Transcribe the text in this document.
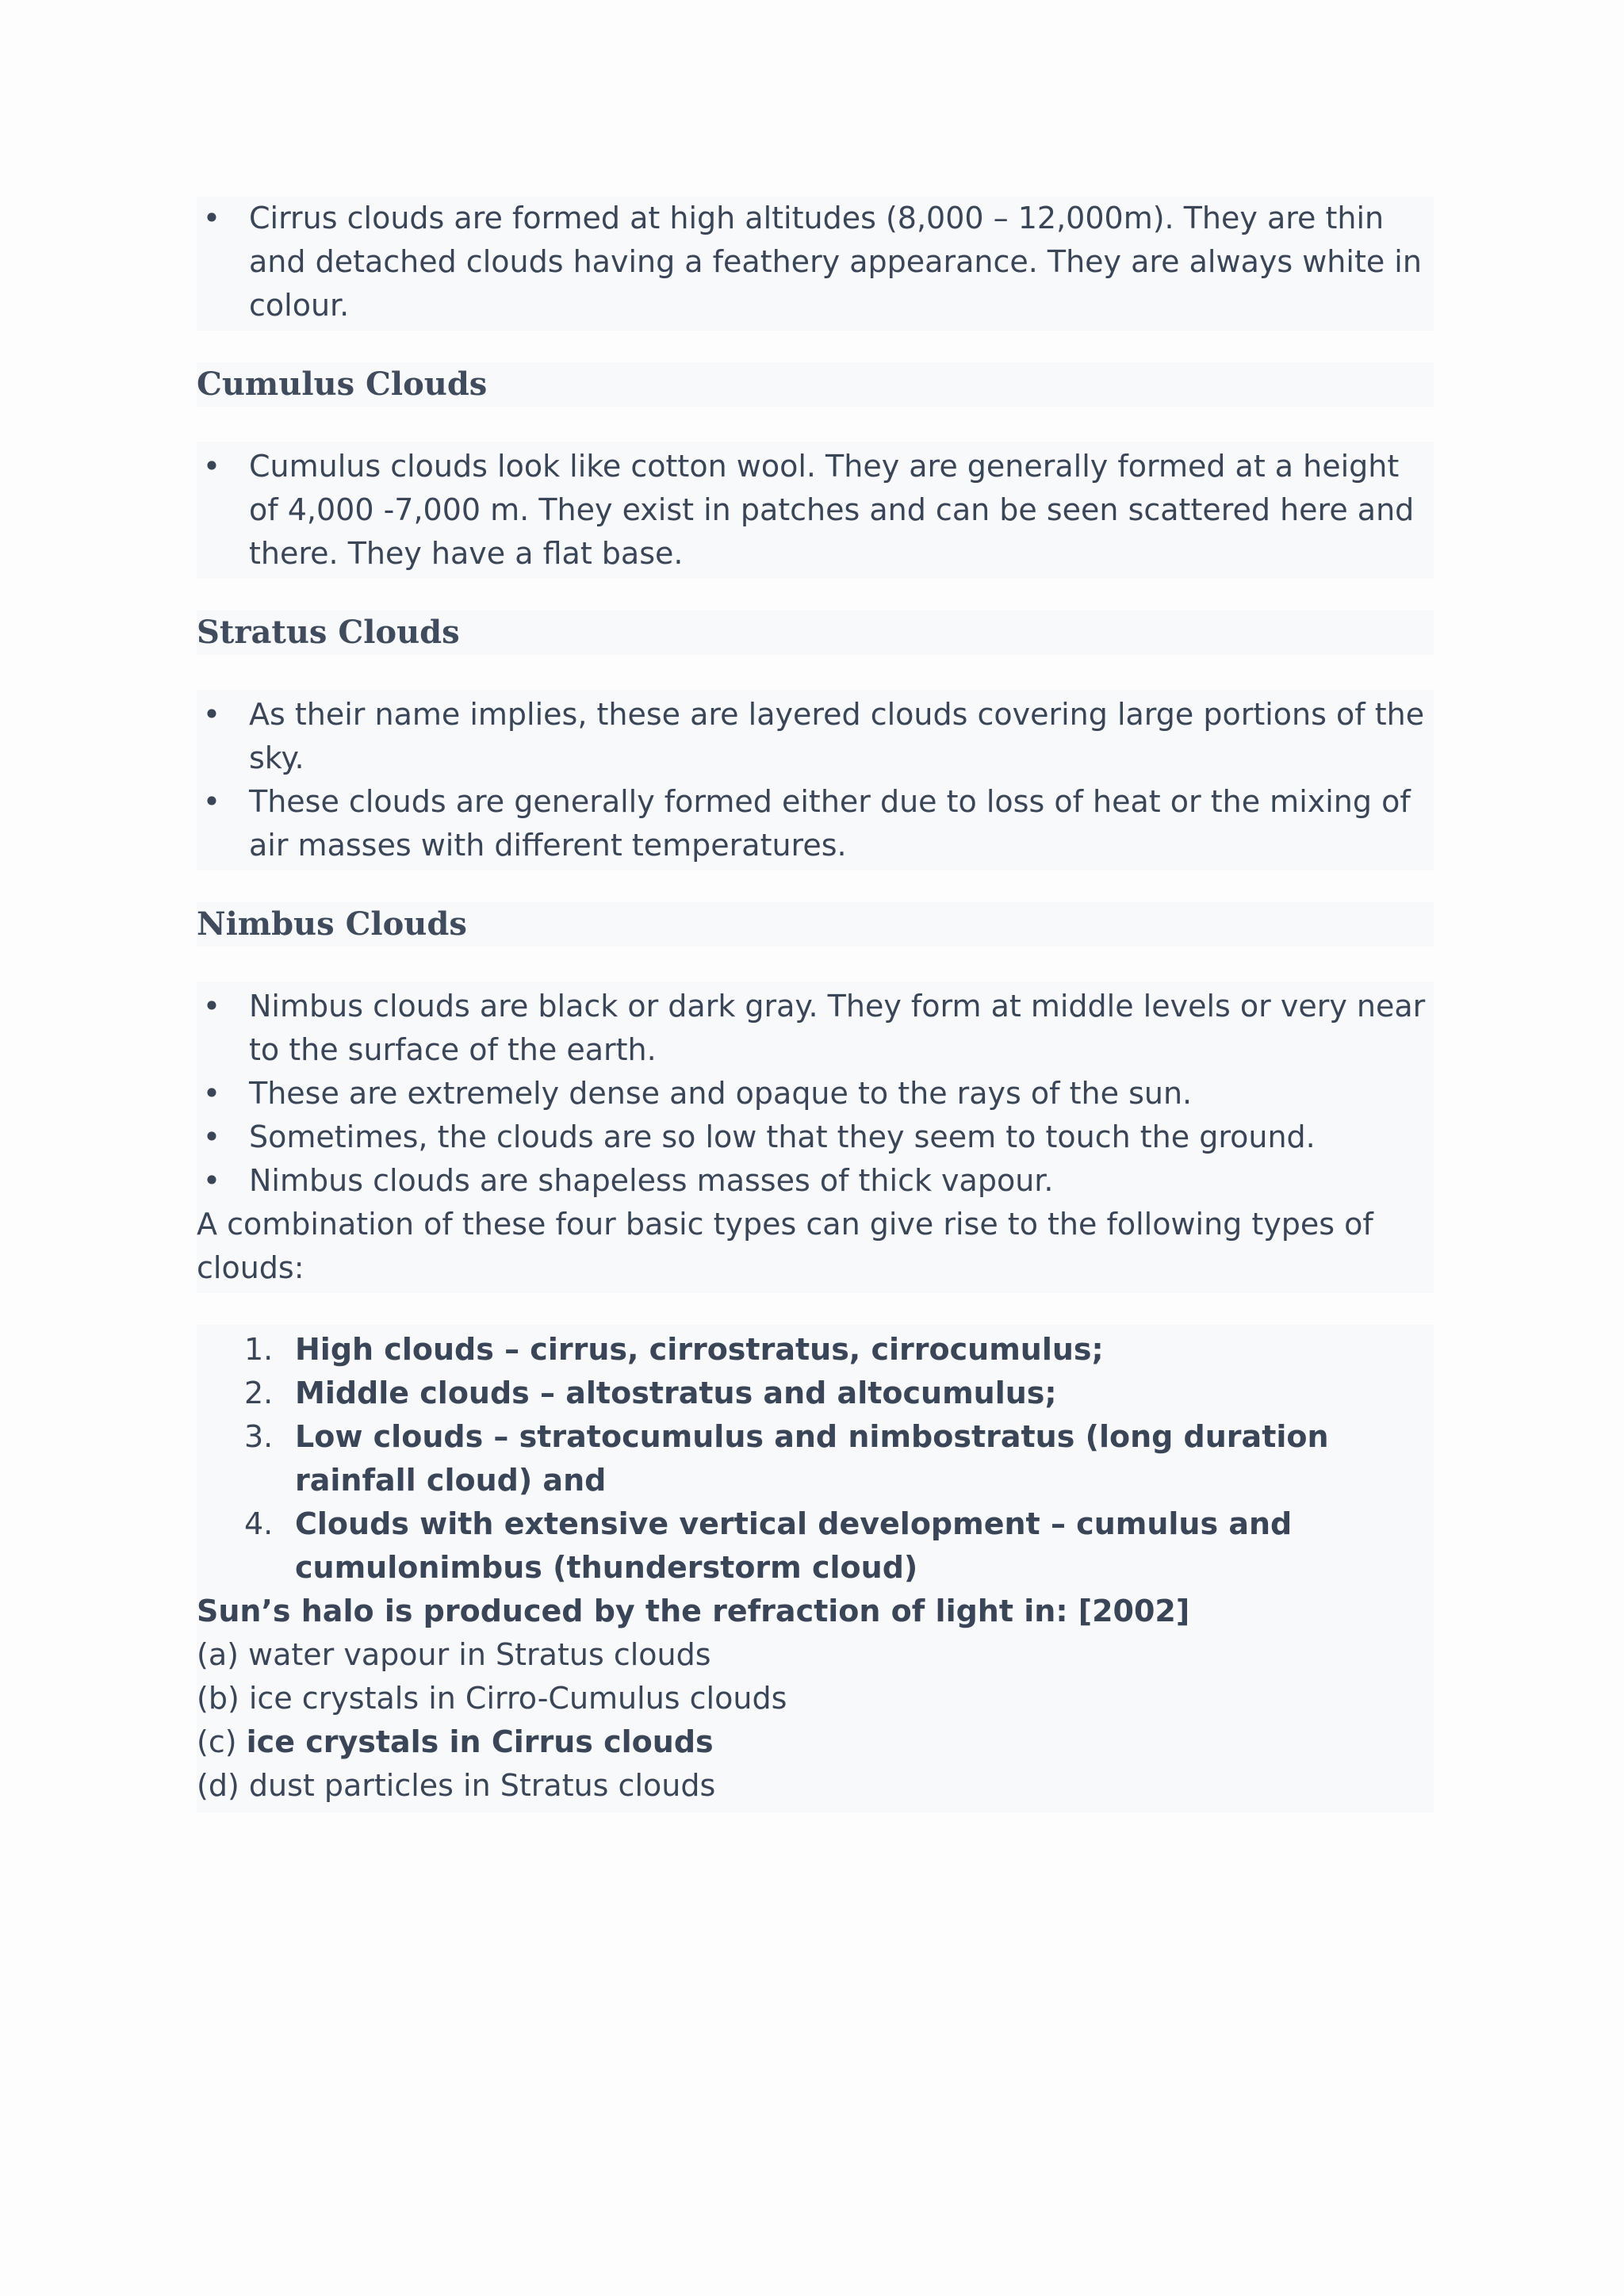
• Cirrus clouds are formed at high altitudes (8,000 – 12,000m). They are thin and detached clouds having a feathery appearance. They are always white in colour.
Cumulus Clouds
• Cumulus clouds look like cotton wool. They are generally formed at a height of 4,000 -7,000 m. They exist in patches and can be seen scattered here and there. They have a flat base.
Stratus Clouds
• As their name implies, these are layered clouds covering large portions of the sky.
• These clouds are generally formed either due to loss of heat or the mixing of air masses with different temperatures.
Nimbus Clouds
• Nimbus clouds are black or dark gray. They form at middle levels or very near to the surface of the earth.
• These are extremely dense and opaque to the rays of the sun.
• Sometimes, the clouds are so low that they seem to touch the ground.
• Nimbus clouds are shapeless masses of thick vapour.

A combination of these four basic types can give rise to the following types of clouds:

1. High clouds – cirrus, cirrostratus, cirrocumulus;
2. Middle clouds – altostratus and altocumulus;
3. Low clouds – stratocumulus and nimbostratus (long duration rainfall cloud) and
4. Clouds with extensive vertical development – cumulus and cumulonimbus (thunderstorm cloud)

Sun’s halo is produced by the refraction of light in: [2002]

(a) water vapour in Stratus clouds

(b) ice crystals in Cirro-Cumulus clouds

(c) ice crystals in Cirrus clouds

(d) dust particles in Stratus clouds
